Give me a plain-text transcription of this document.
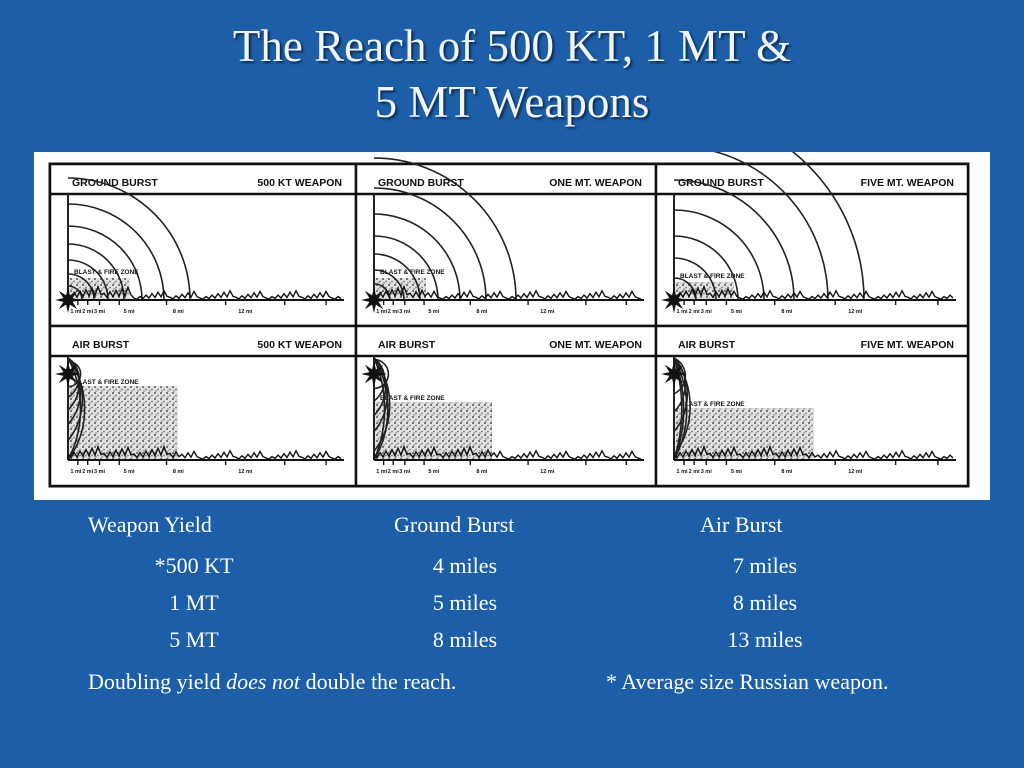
The Reach of 500 KT, 1 MT &
5 MT Weapons
GROUND BURST	500 KT WEAPON
BLAST & FIRE ZONE
1 mi 2 mi 3 mi	5 mi	8 mi	12 mi
GROUND BURST	ONE MT. WEAPON
BLAST & FIRE ZONE
1 mi 2 mi 3 mi	5 mi	8 mi	12 mi
GROUND BURST	FIVE MT. WEAPON
BLAST & FIRE ZONE
1 mi 2 mi 3 mi	5 mi	8 mi	12 mi
AIR BURST	500 KT WEAPON
BLAST & FIRE ZONE
1 mi 2 mi 3 mi	5 mi	8 mi	12 mi
AIR BURST	ONE MT. WEAPON
BLAST & FIRE ZONE
1 mi 2 mi 3 mi	5 mi	8 mi	12 mi
AIR BURST	FIVE MT. WEAPON
BLAST & FIRE ZONE
1 mi 2 mi 3 mi	5 mi	8 mi	12 mi
Weapon Yield	Ground Burst	Air Burst
*500 KT	4 miles	7 miles
1 MT	5 miles	8 miles
5 MT	8 miles	13 miles
Doubling yield does not double the reach.	* Average size Russian weapon.
